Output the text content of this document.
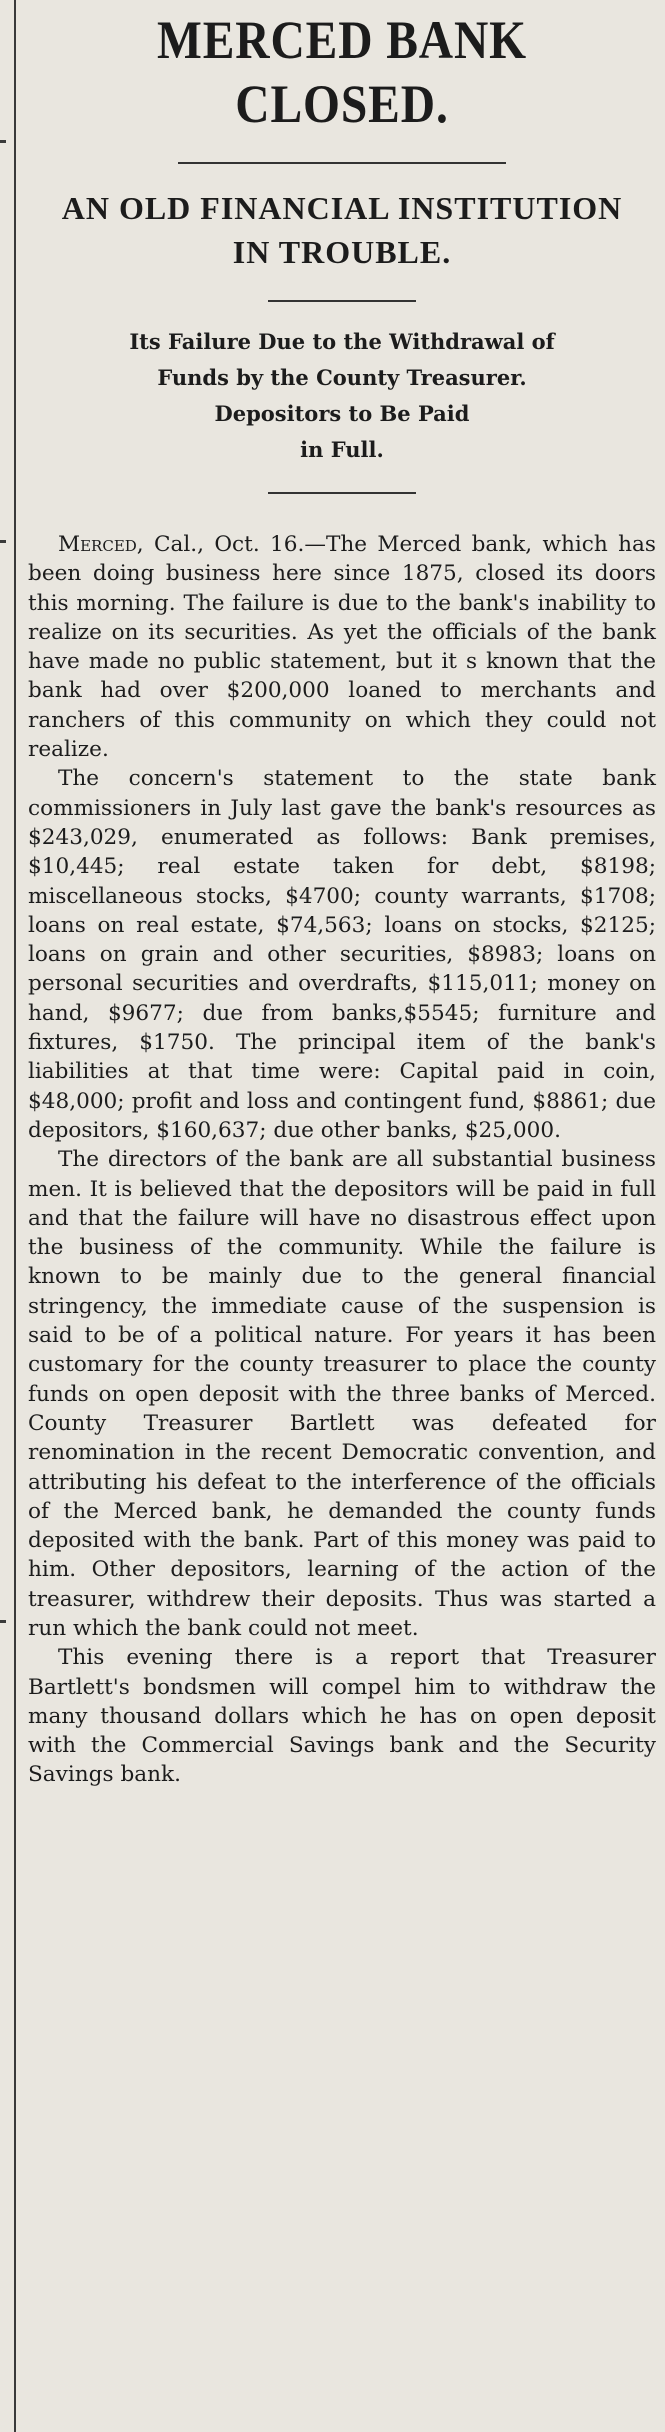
MERCED BANK CLOSED.
AN OLD FINANCIAL INSTITUTION
IN TROUBLE.
Its Failure Due to the Withdrawal of
Funds by the County Treasurer.
Depositors to Be Paid
in Full.

Merced, Cal., Oct. 16.—The Merced bank, which has been doing business here since 1875, closed its doors this morning. The failure is due to the bank's inability to realize on its securities. As yet the officials of the bank have made no public statement, but it s known that the bank had over $200,000 loaned to merchants and ranchers of this community on which they could not realize.

The concern's statement to the state bank commissioners in July last gave the bank's resources as $243,029, enumerated as follows: Bank premises, $10,445; real estate taken for debt, $8198; miscellaneous stocks, $4700; county warrants, $1708; loans on real estate, $74,563; loans on stocks, $2125; loans on grain and other securities, $8983; loans on personal securities and overdrafts, $115,011; money on hand, $9677; due from banks,$5545; furniture and fixtures, $1750. The principal item of the bank's liabilities at that time were: Capital paid in coin, $48,000; profit and loss and contingent fund, $8861; due depositors, $160,637; due other banks, $25,000.

The directors of the bank are all substantial business men. It is believed that the depositors will be paid in full and that the failure will have no disastrous effect upon the business of the community. While the failure is known to be mainly due to the general financial stringency, the immediate cause of the suspension is said to be of a political nature. For years it has been customary for the county treasurer to place the county funds on open deposit with the three banks of Merced. County Treasurer Bartlett was defeated for renomination in the recent Democratic convention, and attributing his defeat to the interference of the officials of the Merced bank, he demanded the county funds deposited with the bank. Part of this money was paid to him. Other depositors, learning of the action of the treasurer, withdrew their deposits. Thus was started a run which the bank could not meet.

This evening there is a report that Treasurer Bartlett's bondsmen will compel him to withdraw the many thousand dollars which he has on open deposit with the Commercial Savings bank and the Security Savings bank.
